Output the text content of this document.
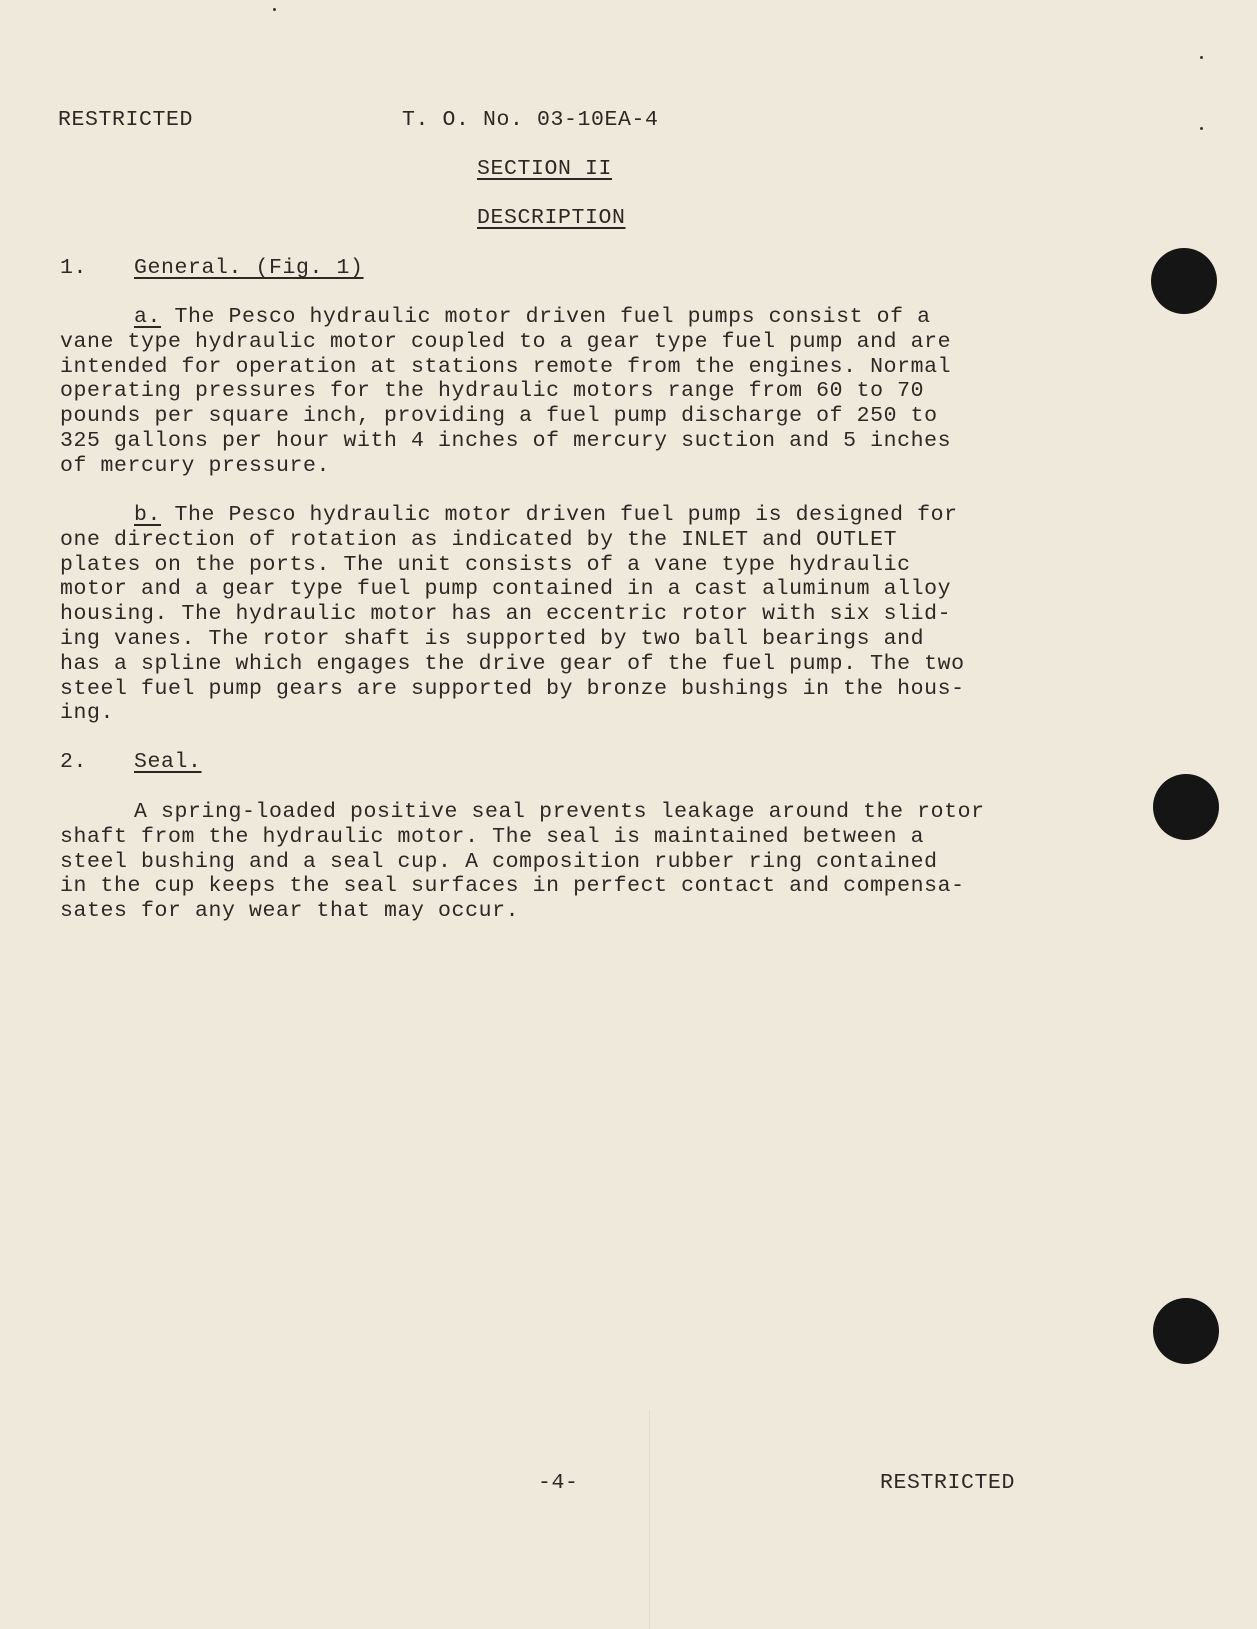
RESTRICTED	T. O. No. 03-10EA-4
SECTION II
DESCRIPTION
1. General. (Fig. 1)
a. The Pesco hydraulic motor driven fuel pumps consist of a
vane type hydraulic motor coupled to a gear type fuel pump and are
intended for operation at stations remote from the engines. Normal
operating pressures for the hydraulic motors range from 60 to 70
pounds per square inch, providing a fuel pump discharge of 250 to
325 gallons per hour with 4 inches of mercury suction and 5 inches
of mercury pressure.
b. The Pesco hydraulic motor driven fuel pump is designed for
one direction of rotation as indicated by the INLET and OUTLET
plates on the ports. The unit consists of a vane type hydraulic
motor and a gear type fuel pump contained in a cast aluminum alloy
housing. The hydraulic motor has an eccentric rotor with six slid-
ing vanes. The rotor shaft is supported by two ball bearings and
has a spline which engages the drive gear of the fuel pump. The two
steel fuel pump gears are supported by bronze bushings in the hous-
ing.
2. Seal.
A spring-loaded positive seal prevents leakage around the rotor
shaft from the hydraulic motor. The seal is maintained between a
steel bushing and a seal cup. A composition rubber ring contained
in the cup keeps the seal surfaces in perfect contact and compensa-
sates for any wear that may occur.
-4-	RESTRICTED
